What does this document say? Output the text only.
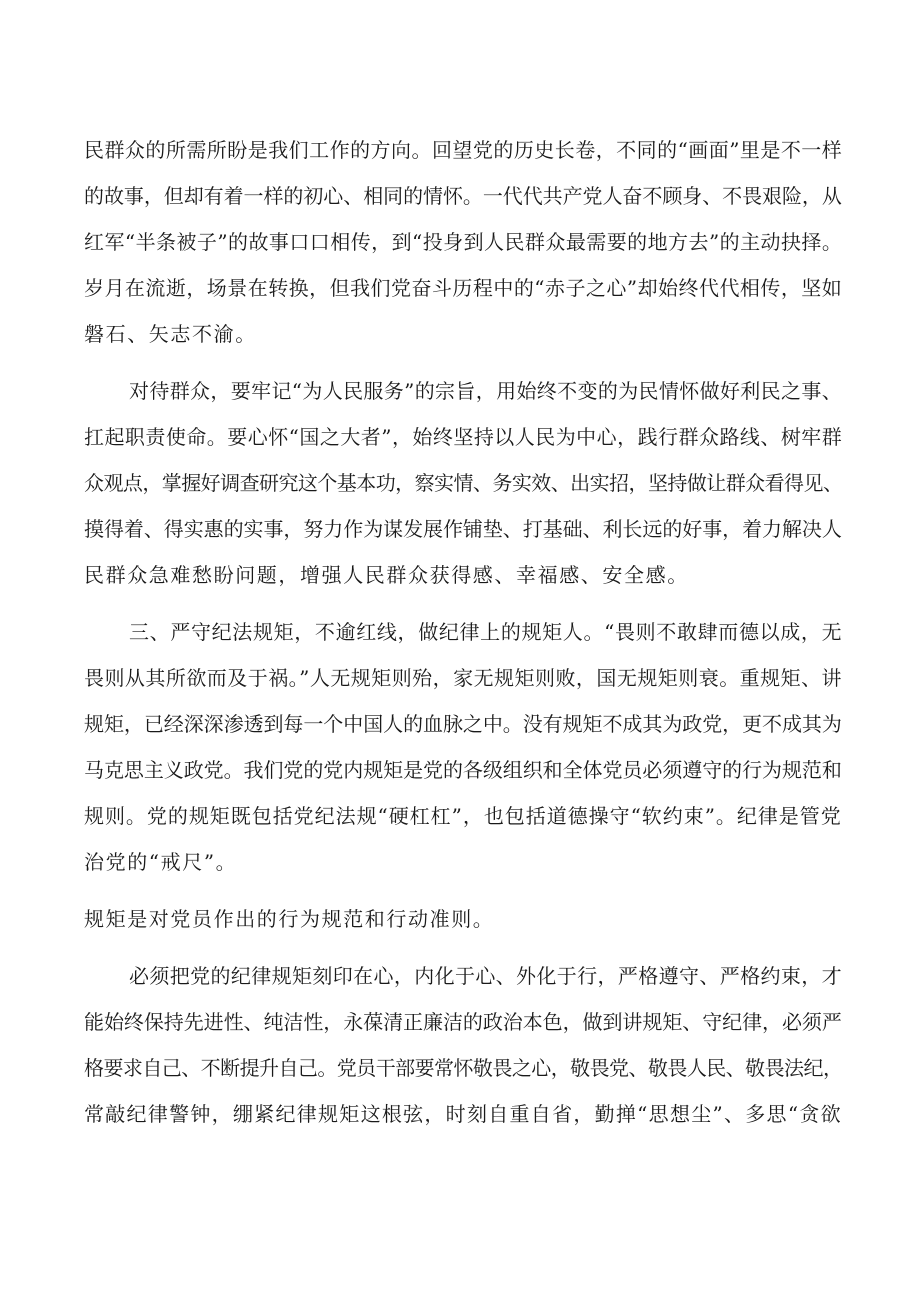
民群众的所需所盼是我们工作的方向。回望党的历史长卷，不同的“画面”里是不一样
的故事，但却有着一样的初心、相同的情怀。一代代共产党人奋不顾身、不畏艰险，从
红军“半条被子”的故事口口相传，到“投身到人民群众最需要的地方去”的主动抉择。
岁月在流逝，场景在转换，但我们党奋斗历程中的“赤子之心”却始终代代相传，坚如
磐石、矢志不渝。
对待群众，要牢记“为人民服务”的宗旨，用始终不变的为民情怀做好利民之事、
扛起职责使命。要心怀“国之大者”，始终坚持以人民为中心，践行群众路线、树牢群
众观点，掌握好调查研究这个基本功，察实情、务实效、出实招，坚持做让群众看得见、
摸得着、得实惠的实事，努力作为谋发展作铺垫、打基础、利长远的好事，着力解决人
民群众急难愁盼问题，增强人民群众获得感、幸福感、安全感。
三、严守纪法规矩，不逾红线，做纪律上的规矩人。“畏则不敢肆而德以成，无
畏则从其所欲而及于祸。”人无规矩则殆，家无规矩则败，国无规矩则衰。重规矩、讲
规矩，已经深深渗透到每一个中国人的血脉之中。没有规矩不成其为政党，更不成其为
马克思主义政党。我们党的党内规矩是党的各级组织和全体党员必须遵守的行为规范和
规则。党的规矩既包括党纪法规“硬杠杠”，也包括道德操守“软约束”。纪律是管党
治党的“戒尺”。
规矩是对党员作出的行为规范和行动准则。
必须把党的纪律规矩刻印在心，内化于心、外化于行，严格遵守、严格约束，才
能始终保持先进性、纯洁性，永葆清正廉洁的政治本色，做到讲规矩、守纪律，必须严
格要求自己、不断提升自己。党员干部要常怀敬畏之心，敬畏党、敬畏人民、敬畏法纪，
常敲纪律警钟，绷紧纪律规矩这根弦，时刻自重自省，勤掸“思想尘”、多思“贪欲
